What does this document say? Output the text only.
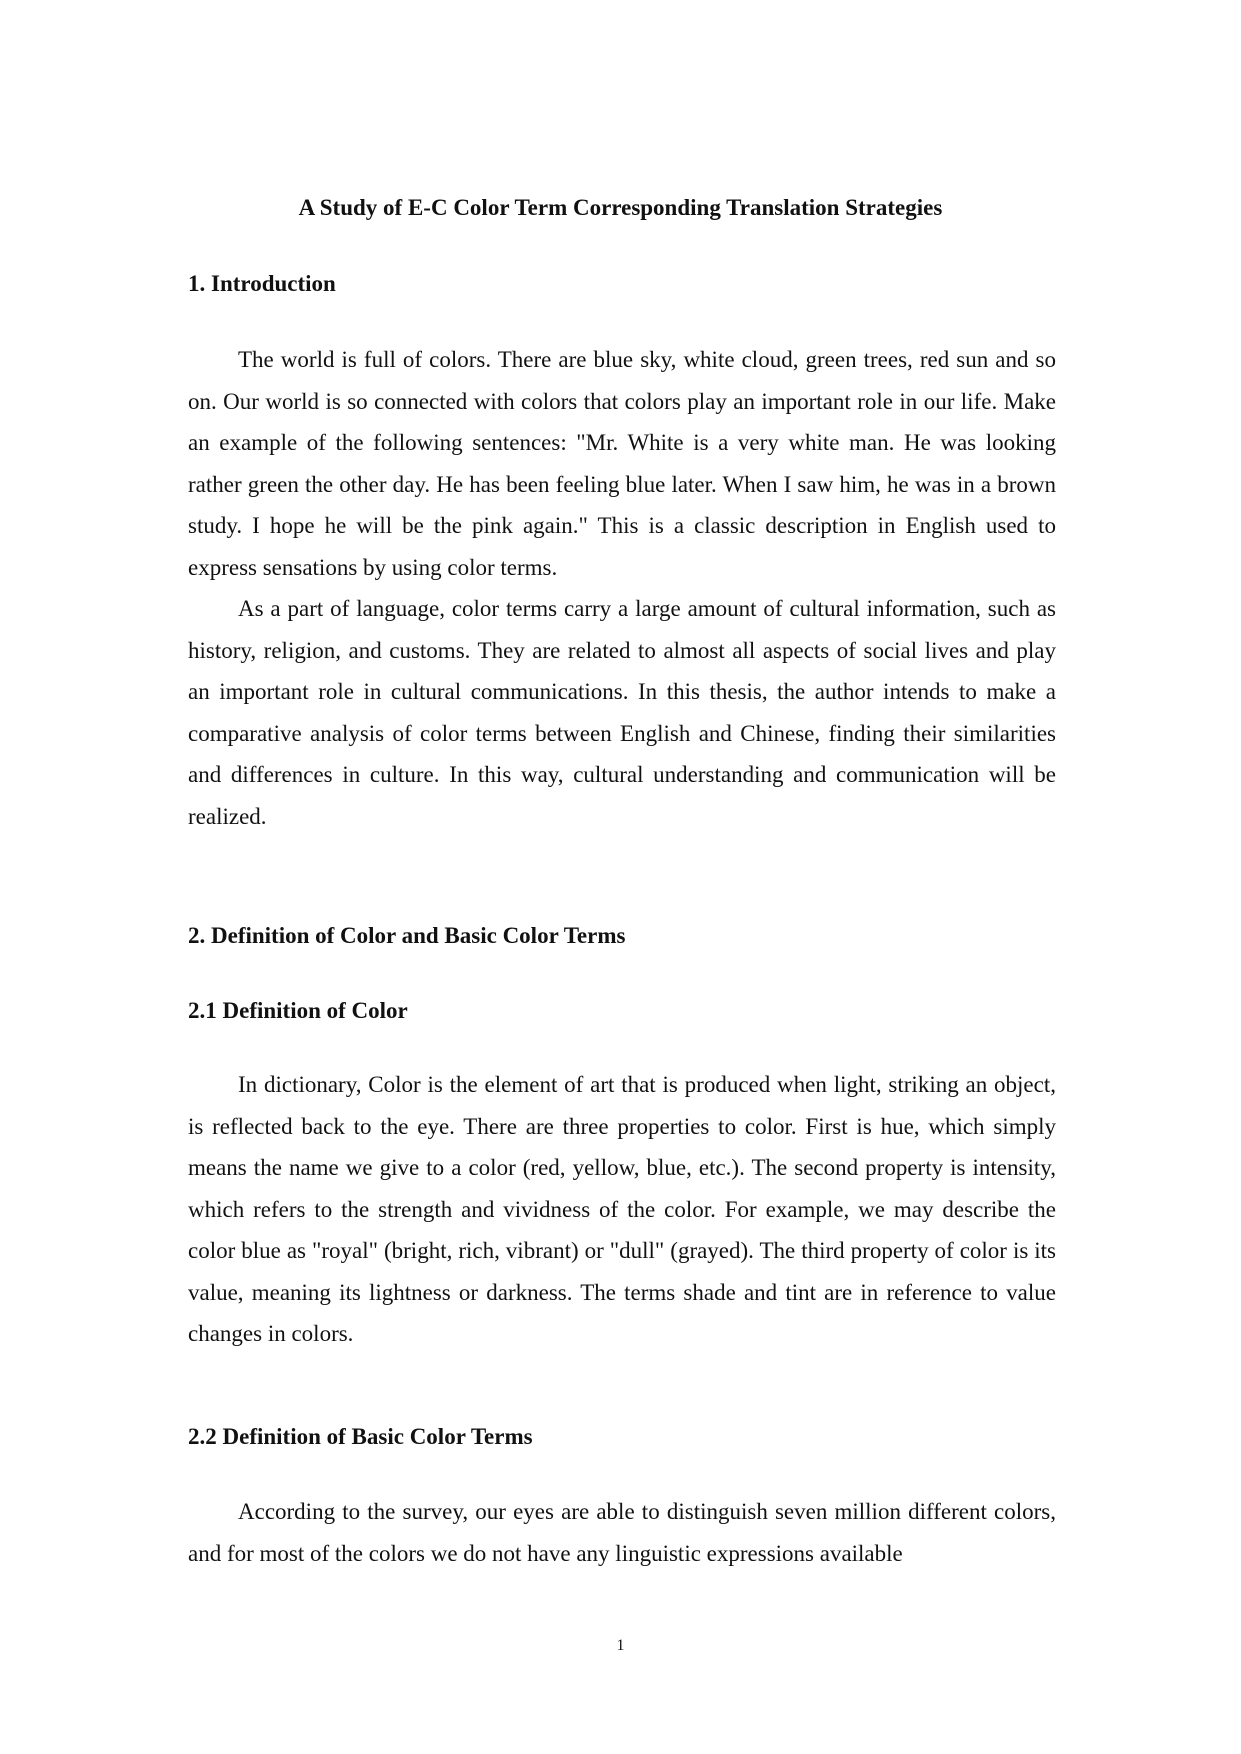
A Study of E-C Color Term Corresponding Translation Strategies
1. Introduction

The world is full of colors. There are blue sky, white cloud, green trees, red sun and so on. Our world is so connected with colors that colors play an important role in our life. Make an example of the following sentences: "Mr. White is a very white man. He was looking rather green the other day. He has been feeling blue later. When I saw him, he was in a brown study. I hope he will be the pink again." This is a classic description in English used to express sensations by using color terms.

As a part of language, color terms carry a large amount of cultural information, such as history, religion, and customs. They are related to almost all aspects of social lives and play an important role in cultural communications. In this thesis, the author intends to make a comparative analysis of color terms between English and Chinese, finding their similarities and differences in culture. In this way, cultural understanding and communication will be realized.

2. Definition of Color and Basic Color Terms
2.1 Definition of Color

In dictionary, Color is the element of art that is produced when light, striking an object, is reflected back to the eye. There are three properties to color. First is hue, which simply means the name we give to a color (red, yellow, blue, etc.). The second property is intensity, which refers to the strength and vividness of the color. For example, we may describe the color blue as "royal" (bright, rich, vibrant) or "dull" (grayed). The third property of color is its value, meaning its lightness or darkness. The terms shade and tint are in reference to value changes in colors.

2.2 Definition of Basic Color Terms

According to the survey, our eyes are able to distinguish seven million different colors, and for most of the colors we do not have any linguistic expressions available

1
